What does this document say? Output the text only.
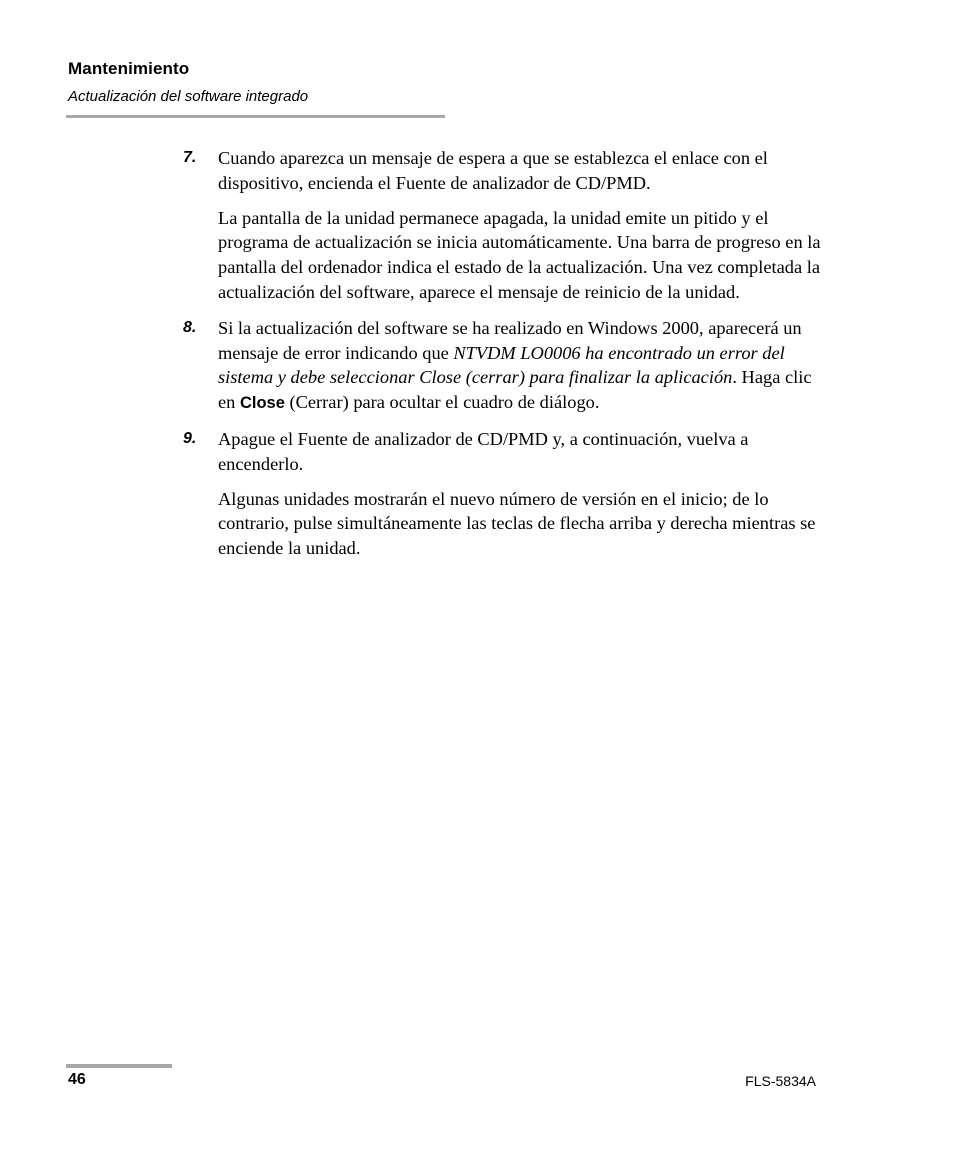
Mantenimiento
Actualización del software integrado
7. Cuando aparezca un mensaje de espera a que se establezca el enlace con el dispositivo, encienda el Fuente de analizador de CD/PMD.

La pantalla de la unidad permanece apagada, la unidad emite un pitido y el programa de actualización se inicia automáticamente. Una barra de progreso en la pantalla del ordenador indica el estado de la actualización. Una vez completada la actualización del software, aparece el mensaje de reinicio de la unidad.

8. Si la actualización del software se ha realizado en Windows 2000, aparecerá un mensaje de error indicando que NTVDM LO0006 ha encontrado un error del sistema y debe seleccionar Close (cerrar) para finalizar la aplicación. Haga clic en Close (Cerrar) para ocultar el cuadro de diálogo.

9. Apague el Fuente de analizador de CD/PMD y, a continuación, vuelva a encenderlo.

Algunas unidades mostrarán el nuevo número de versión en el inicio; de lo contrario, pulse simultáneamente las teclas de flecha arriba y derecha mientras se enciende la unidad.

46	FLS-5834A
